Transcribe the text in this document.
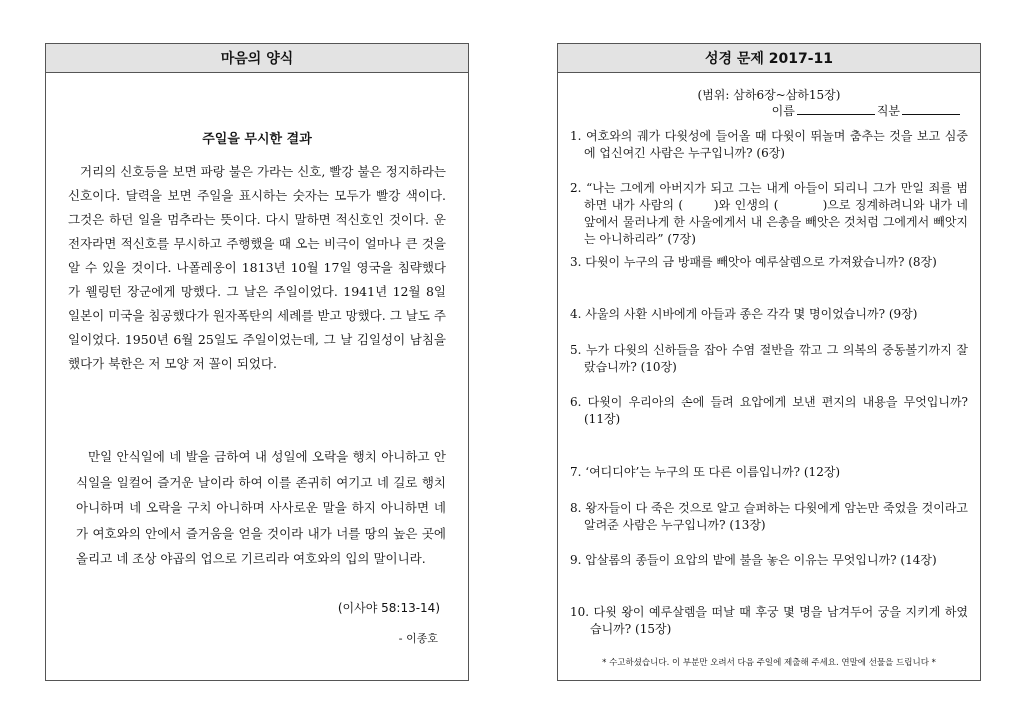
마음의 양식
주일을 무시한 결과

거리의 신호등을 보면 파랑 불은 가라는 신호, 빨강 불은 정지하라는 신호이다. 달력을 보면 주일을 표시하는 숫자는 모두가 빨강 색이다. 그것은 하던 일을 멈추라는 뜻이다. 다시 말하면 적신호인 것이다. 운전자라면 적신호를 무시하고 주행했을 때 오는 비극이 얼마나 큰 것을 알 수 있을 것이다. 나폴레옹이 1813년 10월 17일 영국을 침략했다가 웰링턴 장군에게 망했다. 그 날은 주일이었다. 1941년 12월 8일 일본이 미국을 침공했다가 원자폭탄의 세례를 받고 망했다. 그 날도 주일이었다. 1950년 6월 25일도 주일이었는데, 그 날 김일성이 남침을 했다가 북한은 저 모양 저 꼴이 되었다.

만일 안식일에 네 발을 금하여 내 성일에 오락을 행치 아니하고 안식일을 일컬어 즐거운 날이라 하여 이를 존귀히 여기고 네 길로 행치 아니하며 네 오락을 구치 아니하며 사사로운 말을 하지 아니하면 네가 여호와의 안에서 즐거움을 얻을 것이라 내가 너를 땅의 높은 곳에 올리고 네 조상 야곱의 업으로 기르리라 여호와의 입의 말이니라.

(이사야 58:13-14)
- 이종호
성경 문제 2017-11
(범위: 삼하6장~삼하15장)
이름	직분
1. 여호와의 궤가 다윗성에 들어올 때 다윗이 뛰놀며 춤추는 것을 보고 심중에 업신여긴 사람은 누구입니까? (6장)
2. “나는 그에게 아버지가 되고 그는 내게 아들이 되리니 그가 만일 죄를 범하면 내가 사람의 (	)와 인생의 (	)으로 징계하려니와 내가 네 앞에서 물러나게 한 사울에게서 내 은총을 빼앗은 것처럼 그에게서 빼앗지는 아니하리라” (7장)
3. 다윗이 누구의 금 방패를 빼앗아 예루살렘으로 가져왔습니까? (8장)
4. 사울의 사환 시바에게 아들과 종은 각각 몇 명이었습니까? (9장)
5. 누가 다윗의 신하들을 잡아 수염 절반을 깎고 그 의복의 중동볼기까지 잘랐습니까? (10장)
6. 다윗이 우리아의 손에 들려 요압에게 보낸 편지의 내용을 무엇입니까? (11장)
7. ‘여디디야’는 누구의 또 다른 이름입니까? (12장)
8. 왕자들이 다 죽은 것으로 알고 슬퍼하는 다윗에게 암논만 죽었을 것이라고 알려준 사람은 누구입니까? (13장)
9. 압살롬의 종들이 요압의 밭에 불을 놓은 이유는 무엇입니까? (14장)
10. 다윗 왕이 예루살렘을 떠날 때 후궁 몇 명을 남겨두어 궁을 지키게 하였습니까? (15장)
* 수고하셨습니다. 이 부분만 오려서 다음 주일에 제출해 주세요. 연말에 선물을 드립니다 *
